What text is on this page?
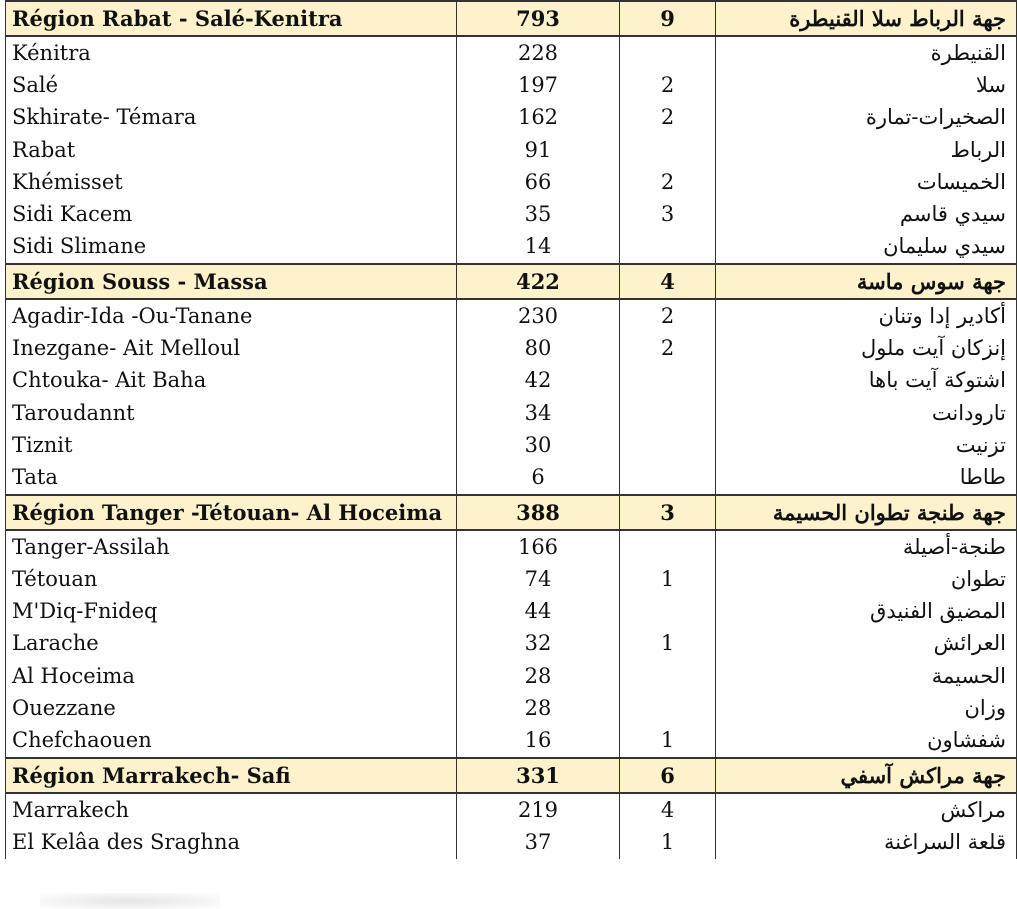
Région Rabat - Salé-Kenitra	793	9	جهة الرباط سلا القنيطرة
Kénitra	228		القنيطرة
Salé	197	2	سلا
Skhirate- Témara	162	2	الصخيرات-تمارة
Rabat	91		الرباط
Khémisset	66	2	الخميسات
Sidi Kacem	35	3	سيدي قاسم
Sidi Slimane	14		سيدي سليمان
Région Souss - Massa	422	4	جهة سوس ماسة
Agadir-Ida -Ou-Tanane	230	2	أكادير إدا وتنان
Inezgane- Ait Melloul	80	2	إنزكان آيت ملول
Chtouka- Ait Baha	42		اشتوكة آيت باها
Taroudannt	34		تارودانت
Tiznit	30		تزنيت
Tata	6		طاطا
Région Tanger -Tétouan- Al Hoceima	388	3	جهة طنجة تطوان الحسيمة
Tanger-Assilah	166		طنجة-أصيلة
Tétouan	74	1	تطوان
M'Diq-Fnideq	44		المضيق الفنيدق
Larache	32	1	العرائش
Al Hoceima	28		الحسيمة
Ouezzane	28		وزان
Chefchaouen	16	1	شفشاون
Région Marrakech- Safi	331	6	جهة مراكش آسفي
Marrakech	219	4	مراكش
El Kelâa des Sraghna	37	1	قلعة السراغنة
